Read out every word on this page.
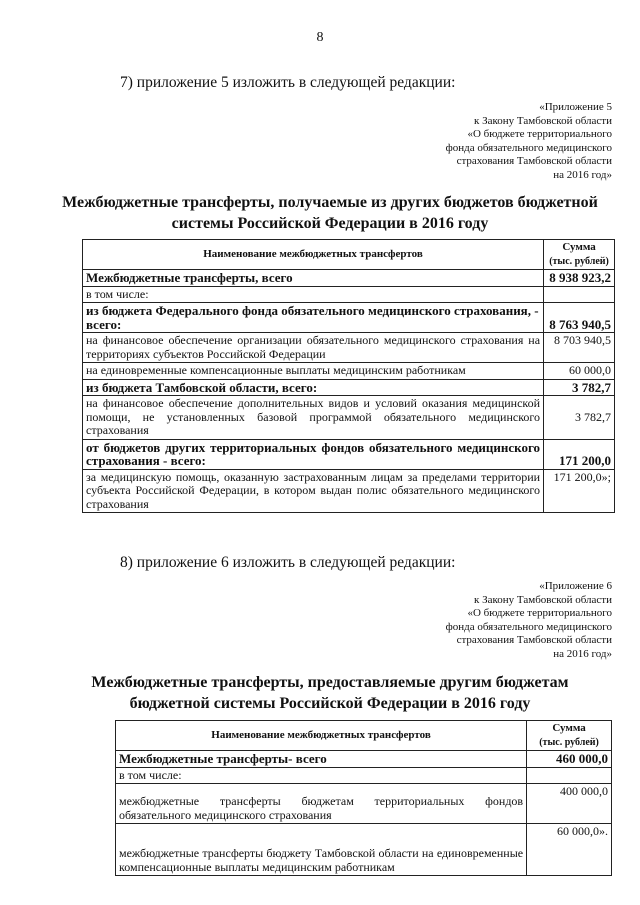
8
7) приложение 5 изложить в следующей редакции:
«Приложение 5
к Закону Тамбовской области
«О бюджете территориального
фонда обязательного медицинского
страхования Тамбовской области
на 2016 год»
Межбюджетные трансферты, получаемые из других бюджетов бюджетной
системы Российской Федерации в 2016 году
Наименование межбюджетных трансфертов	Сумма
(тыс. рублей)

Межбюджетные трансферты, всего	8 938 923,2
в том числе:	
из бюджета Федерального фонда обязательного медицинского страхования, - всего:	8 763 940,5
на финансовое обеспечение организации обязательного медицинского страхования на территориях субъектов Российской Федерации	8 703 940,5
на единовременные компенсационные выплаты медицинским работникам	60 000,0
из бюджета Тамбовской области, всего:	3 782,7
на финансовое обеспечение дополнительных видов и условий оказания медицинской помощи, не установленных базовой программой обязательного медицинского страхования	3 782,7
от бюджетов других территориальных фондов обязательного медицинского страхования - всего:	171 200,0
за медицинскую помощь, оказанную застрахованным лицам за пределами территории субъекта Российской Федерации, в котором выдан полис обязательного медицинского страхования	171 200,0»;
8) приложение 6 изложить в следующей редакции:
«Приложение 6
к Закону Тамбовской области
«О бюджете территориального
фонда обязательного медицинского
страхования Тамбовской области
на 2016 год»
Межбюджетные трансферты, предоставляемые другим бюджетам
бюджетной системы Российской Федерации в 2016 году
Наименование межбюджетных трансфертов	Сумма
(тыс. рублей)

Межбюджетные трансферты- всего	460 000,0
в том числе:	
межбюджетные трансферты бюджетам территориальных фондов обязательного медицинского страхования	400 000,0
межбюджетные трансферты бюджету Тамбовской области на единовременные компенсационные выплаты медицинским работникам	60 000,0».
